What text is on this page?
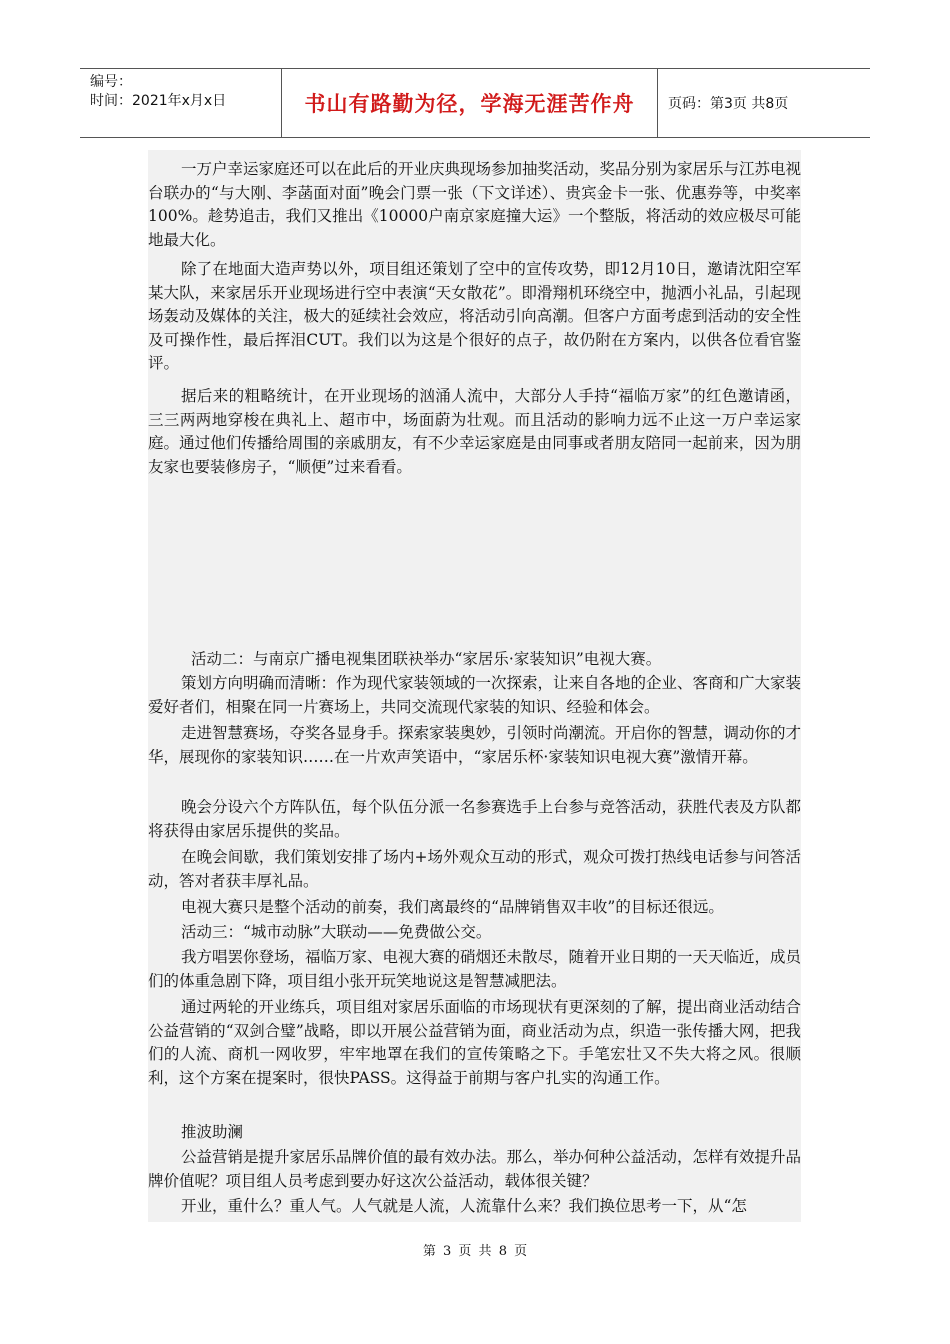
编号：
时间：2021年x月x日	书山有路勤为径，学海无涯苦作舟	页码：第3页 共8页
一万户幸运家庭还可以在此后的开业庆典现场参加抽奖活动，奖品分别为家居乐与江苏电视台联办的“与大刚、李菡面对面”晚会门票一张（下文详述）、贵宾金卡一张、优惠券等，中奖率100%。趁势追击，我们又推出《10000户南京家庭撞大运》一个整版，将活动的效应极尽可能地最大化。
除了在地面大造声势以外，项目组还策划了空中的宣传攻势，即12月10日，邀请沈阳空军某大队，来家居乐开业现场进行空中表演“天女散花”。即滑翔机环绕空中，抛洒小礼品，引起现场轰动及媒体的关注，极大的延续社会效应，将活动引向高潮。但客户方面考虑到活动的安全性及可操作性，最后挥泪CUT。我们以为这是个很好的点子，故仍附在方案内，以供各位看官鉴评。
据后来的粗略统计，在开业现场的汹涌人流中，大部分人手持“福临万家”的红色邀请函，三三两两地穿梭在典礼上、超市中，场面蔚为壮观。而且活动的影响力远不止这一万户幸运家庭。通过他们传播给周围的亲戚朋友，有不少幸运家庭是由同事或者朋友陪同一起前来，因为朋友家也要装修房子，“顺便”过来看看。
活动二：与南京广播电视集团联袂举办“家居乐·家装知识”电视大赛。
策划方向明确而清晰：作为现代家装领域的一次探索，让来自各地的企业、客商和广大家装爱好者们，相聚在同一片赛场上，共同交流现代家装的知识、经验和体会。
走进智慧赛场，夺奖各显身手。探索家装奥妙，引领时尚潮流。开启你的智慧，调动你的才华，展现你的家装知识……在一片欢声笑语中，“家居乐杯·家装知识电视大赛”激情开幕。
晚会分设六个方阵队伍，每个队伍分派一名参赛选手上台参与竞答活动，获胜代表及方队都将获得由家居乐提供的奖品。
在晚会间歇，我们策划安排了场内+场外观众互动的形式，观众可拨打热线电话参与问答活动，答对者获丰厚礼品。
电视大赛只是整个活动的前奏，我们离最终的“品牌销售双丰收”的目标还很远。
活动三：“城市动脉”大联动——免费做公交。
我方唱罢你登场，福临万家、电视大赛的硝烟还未散尽，随着开业日期的一天天临近，成员们的体重急剧下降，项目组小张开玩笑地说这是智慧减肥法。
通过两轮的开业练兵，项目组对家居乐面临的市场现状有更深刻的了解，提出商业活动结合公益营销的“双剑合璧”战略，即以开展公益营销为面，商业活动为点，织造一张传播大网，把我们的人流、商机一网收罗，牢牢地罩在我们的宣传策略之下。手笔宏壮又不失大将之风。很顺利，这个方案在提案时，很快PASS。这得益于前期与客户扎实的沟通工作。
推波助澜
公益营销是提升家居乐品牌价值的最有效办法。那么，举办何种公益活动，怎样有效提升品牌价值呢？项目组人员考虑到要办好这次公益活动，载体很关键？
开业，重什么？重人气。人气就是人流，人流靠什么来？我们换位思考一下，从“怎
第 3 页 共 8 页
